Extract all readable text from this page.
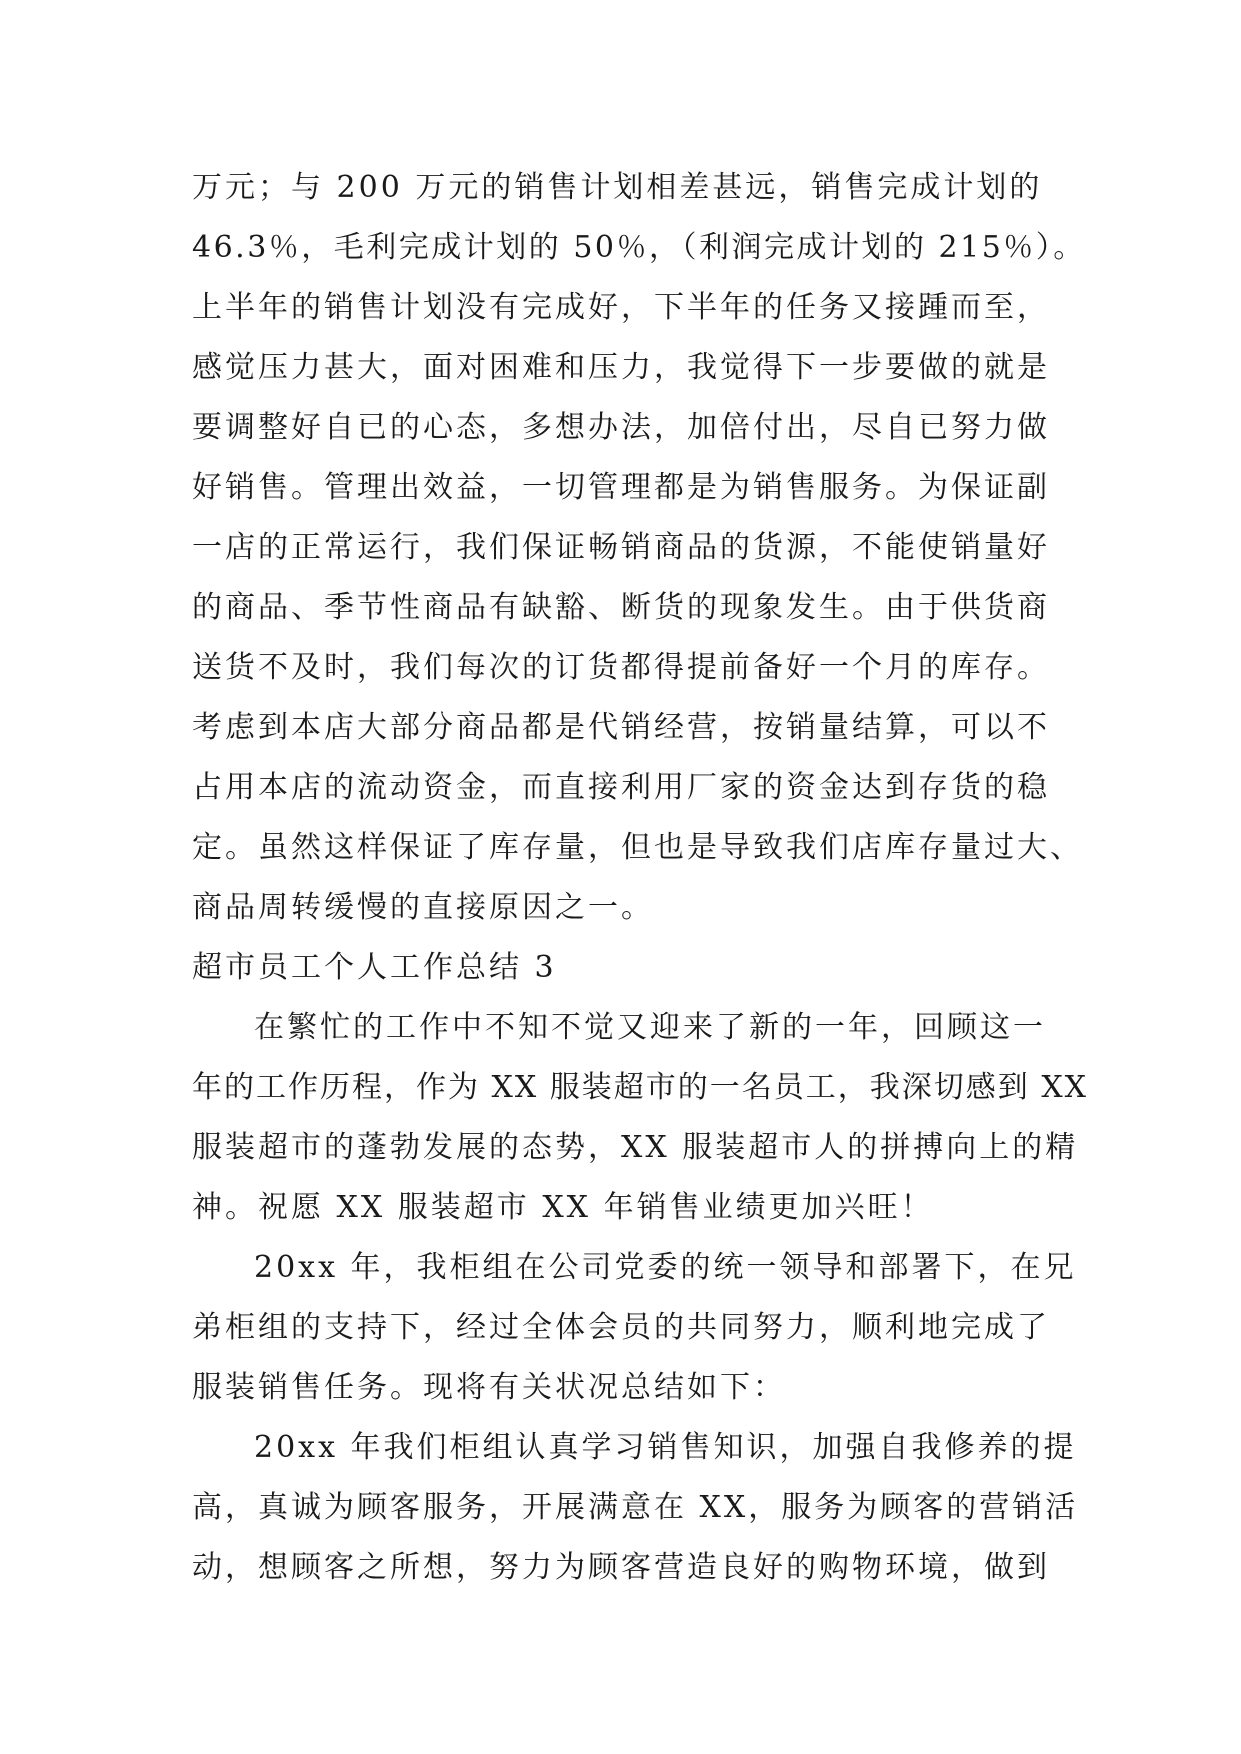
万元；与 200 万元的销售计划相差甚远，销售完成计划的
46.3％，毛利完成计划的 50％，（利润完成计划的 215％）。
上半年的销售计划没有完成好，下半年的任务又接踵而至，
感觉压力甚大，面对困难和压力，我觉得下一步要做的就是
要调整好自已的心态，多想办法，加倍付出，尽自已努力做
好销售。管理出效益，一切管理都是为销售服务。为保证副
一店的正常运行，我们保证畅销商品的货源，不能使销量好
的商品、季节性商品有缺豁、断货的现象发生。由于供货商
送货不及时，我们每次的订货都得提前备好一个月的库存。
考虑到本店大部分商品都是代销经营，按销量结算，可以不
占用本店的流动资金，而直接利用厂家的资金达到存货的稳
定。虽然这样保证了库存量，但也是导致我们店库存量过大、
商品周转缓慢的直接原因之一。
超市员工个人工作总结 3
在繁忙的工作中不知不觉又迎来了新的一年，回顾这一
年的工作历程，作为 XX 服装超市的一名员工，我深切感到 XX
服装超市的蓬勃发展的态势，XX 服装超市人的拼搏向上的精
神。祝愿 XX 服装超市 XX 年销售业绩更加兴旺！
20xx 年，我柜组在公司党委的统一领导和部署下，在兄
弟柜组的支持下，经过全体会员的共同努力，顺利地完成了
服装销售任务。现将有关状况总结如下：
20xx 年我们柜组认真学习销售知识，加强自我修养的提
高，真诚为顾客服务，开展满意在 XX，服务为顾客的营销活
动，想顾客之所想，努力为顾客营造良好的购物环境，做到
